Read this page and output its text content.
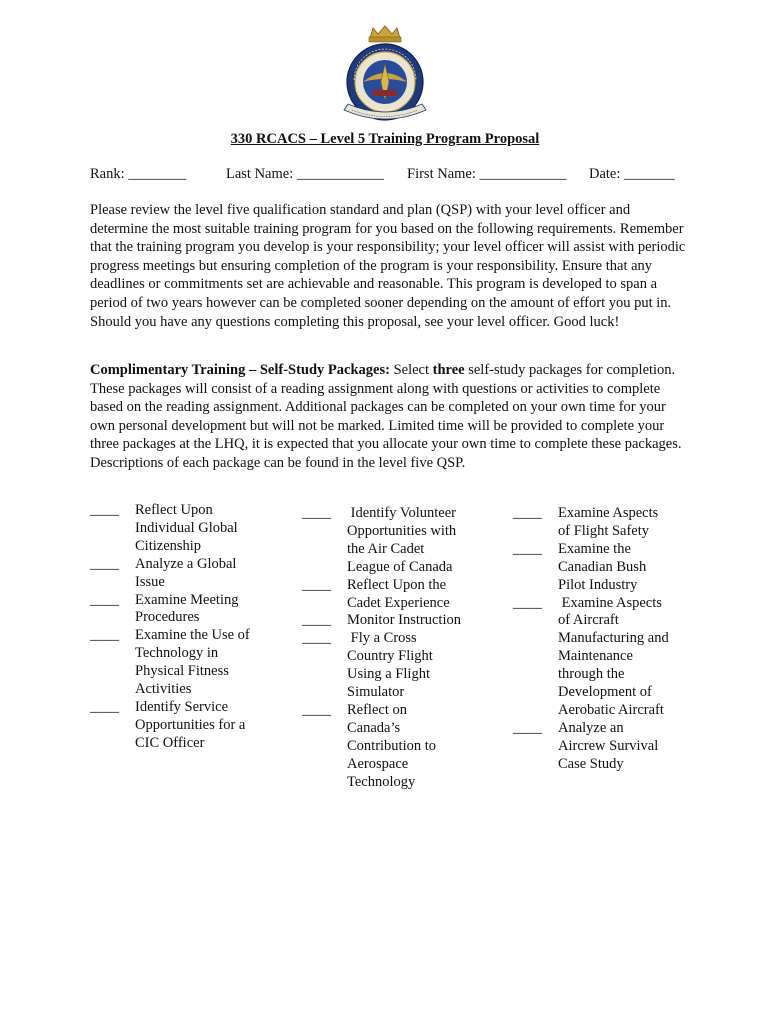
330 RCACS – Level 5 Training Program Proposal
Rank: ________	Last Name: ____________ First Name: ____________ Date: _______

Please review the level five qualification standard and plan (QSP) with your level officer and determine the most suitable training program for you based on the following requirements. Remember that the training program you develop is your responsibility; your level officer will assist with periodic progress meetings but ensuring completion of the program is your responsibility. Ensure that any deadlines or commitments set are achievable and reasonable. This program is developed to span a period of two years however can be completed sooner depending on the amount of effort you put in. Should you have any questions completing this proposal, see your level officer. Good luck!

Complimentary Training – Self-Study Packages: Select three self-study packages for completion. These packages will consist of a reading assignment along with questions or activities to complete based on the reading assignment. Additional packages can be completed on your own time for your own personal development but will not be marked. Limited time will be provided to complete your three packages at the LHQ, it is expected that you allocate your own time to complete these packages. Descriptions of each package can be found in the level five QSP.

____ Reflect Upon
Individual Global
Citizenship
____ Analyze a Global
Issue
____ Examine Meeting
Procedures
____ Examine the Use of
Technology in
Physical Fitness
Activities
____ Identify Service
Opportunities for a
CIC Officer
____ Identify Volunteer
Opportunities with
the Air Cadet
League of Canada
____ Reflect Upon the
Cadet Experience
____ Monitor Instruction
____ Fly a Cross
Country Flight
Using a Flight
Simulator
____ Reflect on
Canada’s
Contribution to
Aerospace
Technology
____ Examine Aspects
of Flight Safety
____ Examine the
Canadian Bush
Pilot Industry
____ Examine Aspects
of Aircraft
Manufacturing and
Maintenance
through the
Development of
Aerobatic Aircraft
____ Analyze an
Aircrew Survival
Case Study
